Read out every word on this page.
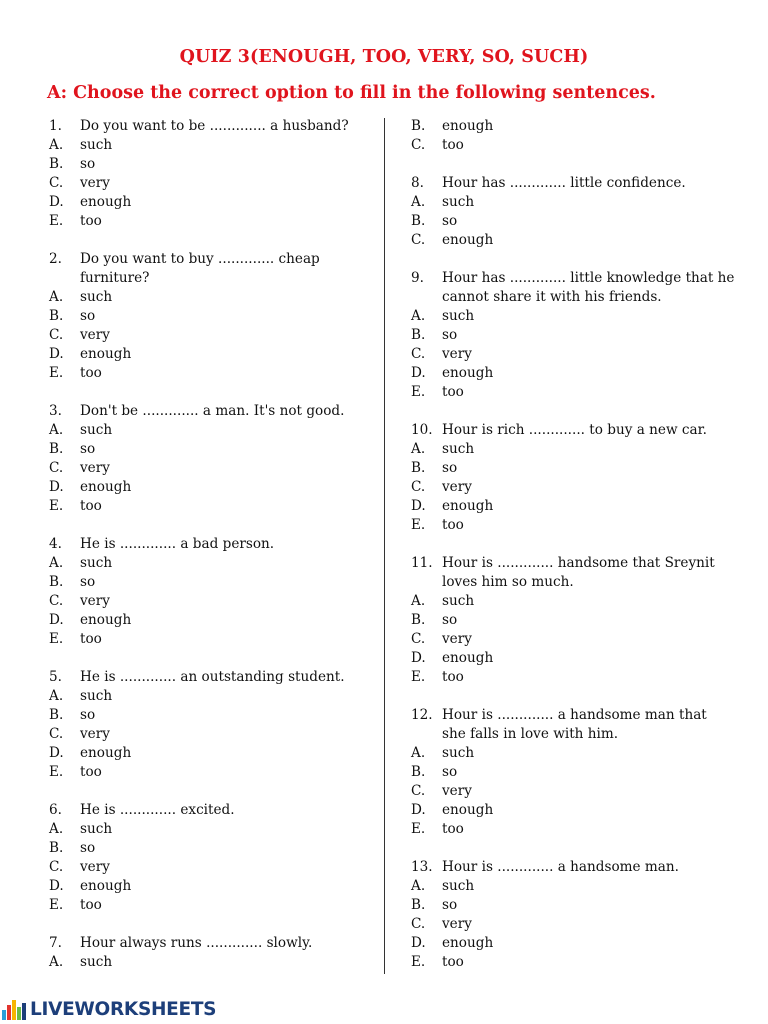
QUIZ 3(ENOUGH, TOO, VERY, SO, SUCH)
A: Choose the correct option to fill in the following sentences.
1. Do you want to be ............. a husband?
A. such
B. so
C. very
D. enough
E. too
2. Do you want to buy ............. cheap
furniture?
A. such
B. so
C. very
D. enough
E. too
3. Don't be ............. a man. It's not good.
A. such
B. so
C. very
D. enough
E. too
4. He is ............. a bad person.
A. such
B. so
C. very
D. enough
E. too
5. He is ............. an outstanding student.
A. such
B. so
C. very
D. enough
E. too
6. He is ............. excited.
A. such
B. so
C. very
D. enough
E. too
7. Hour always runs ............. slowly.
A. such
B. enough
C. too
8. Hour has ............. little confidence.
A. such
B. so
C. enough
9. Hour has ............. little knowledge that he
cannot share it with his friends.
A. such
B. so
C. very
D. enough
E. too
10. Hour is rich ............. to buy a new car.
A. such
B. so
C. very
D. enough
E. too
11. Hour is ............. handsome that Sreynit
loves him so much.
A. such
B. so
C. very
D. enough
E. too
12. Hour is ............. a handsome man that
she falls in love with him.
A. such
B. so
C. very
D. enough
E. too
13. Hour is ............. a handsome man.
A. such
B. so
C. very
D. enough
E. too
LIVEWORKSHEETS
